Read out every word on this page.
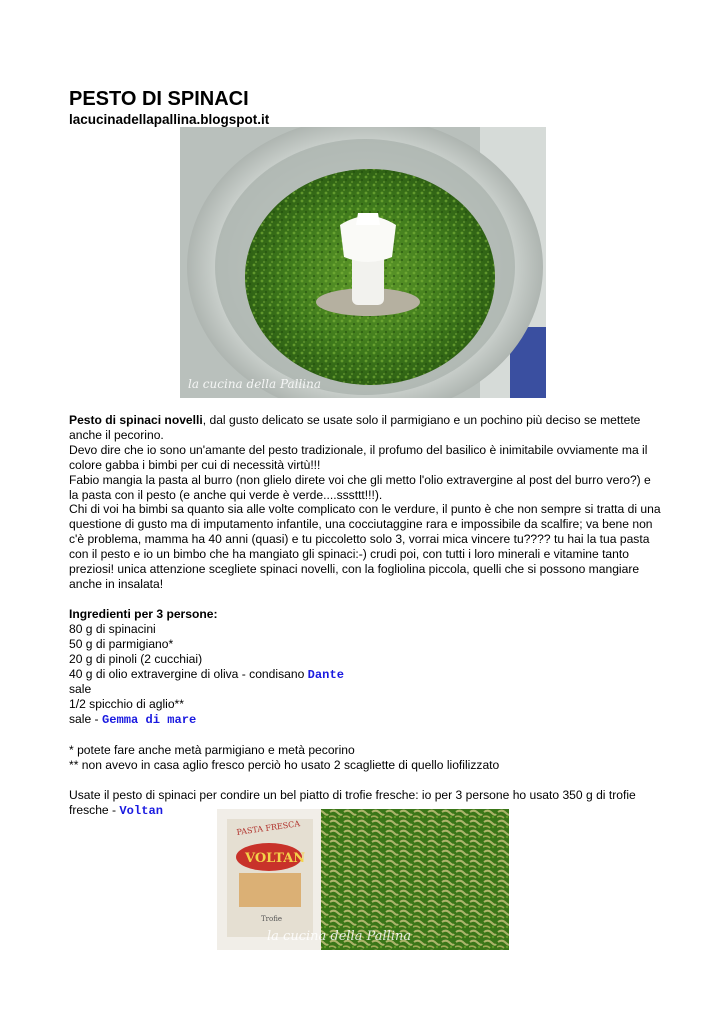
PESTO DI SPINACI
lacucinadellapallina.blogspot.it
la cucina della Pallina

Pesto di spinaci novelli, dal gusto delicato se usate solo il parmigiano e un pochino più deciso se mettete anche il pecorino.

Devo dire che io sono un'amante del pesto tradizionale, il profumo del basilico è inimitabile ovviamente ma il colore gabba i bimbi per cui di necessità virtù!!!

Fabio mangia la pasta al burro (non glielo direte voi che gli metto l'olio extravergine al post del burro vero?) e la pasta con il pesto (e anche qui verde è verde....sssttt!!!).

Chi di voi ha bimbi sa quanto sia alle volte complicato con le verdure, il punto è che non sempre si tratta di una questione di gusto ma di imputamento infantile, una cocciutaggine rara e impossibile da scalfire; va bene non c'è problema, mamma ha 40 anni (quasi) e tu piccoletto solo 3, vorrai mica vincere tu???? tu hai la tua pasta con il pesto e io un bimbo che ha mangiato gli spinaci:-) crudi poi, con tutti i loro minerali e vitamine tanto preziosi! unica attenzione scegliete spinaci novelli, con la fogliolina piccola, quelli che si possono mangiare anche in insalata!

Ingredienti per 3 persone:

80 g di spinacini

50 g di parmigiano*

20 g di pinoli (2 cucchiai)

40 g di olio extravergine di oliva - condisano Dante

sale

1/2 spicchio di aglio**

sale - Gemma di mare

* potete fare anche metà parmigiano e metà pecorino

** non avevo in casa aglio fresco perciò ho usato 2 scagliette di quello liofilizzato

Usate il pesto di spinaci per condire un bel piatto di trofie fresche: io per 3 persone ho usato 350 g di trofie fresche - Voltan

PASTA FRESCA
VOLTAN
Trofie
la cucina della Pallina
